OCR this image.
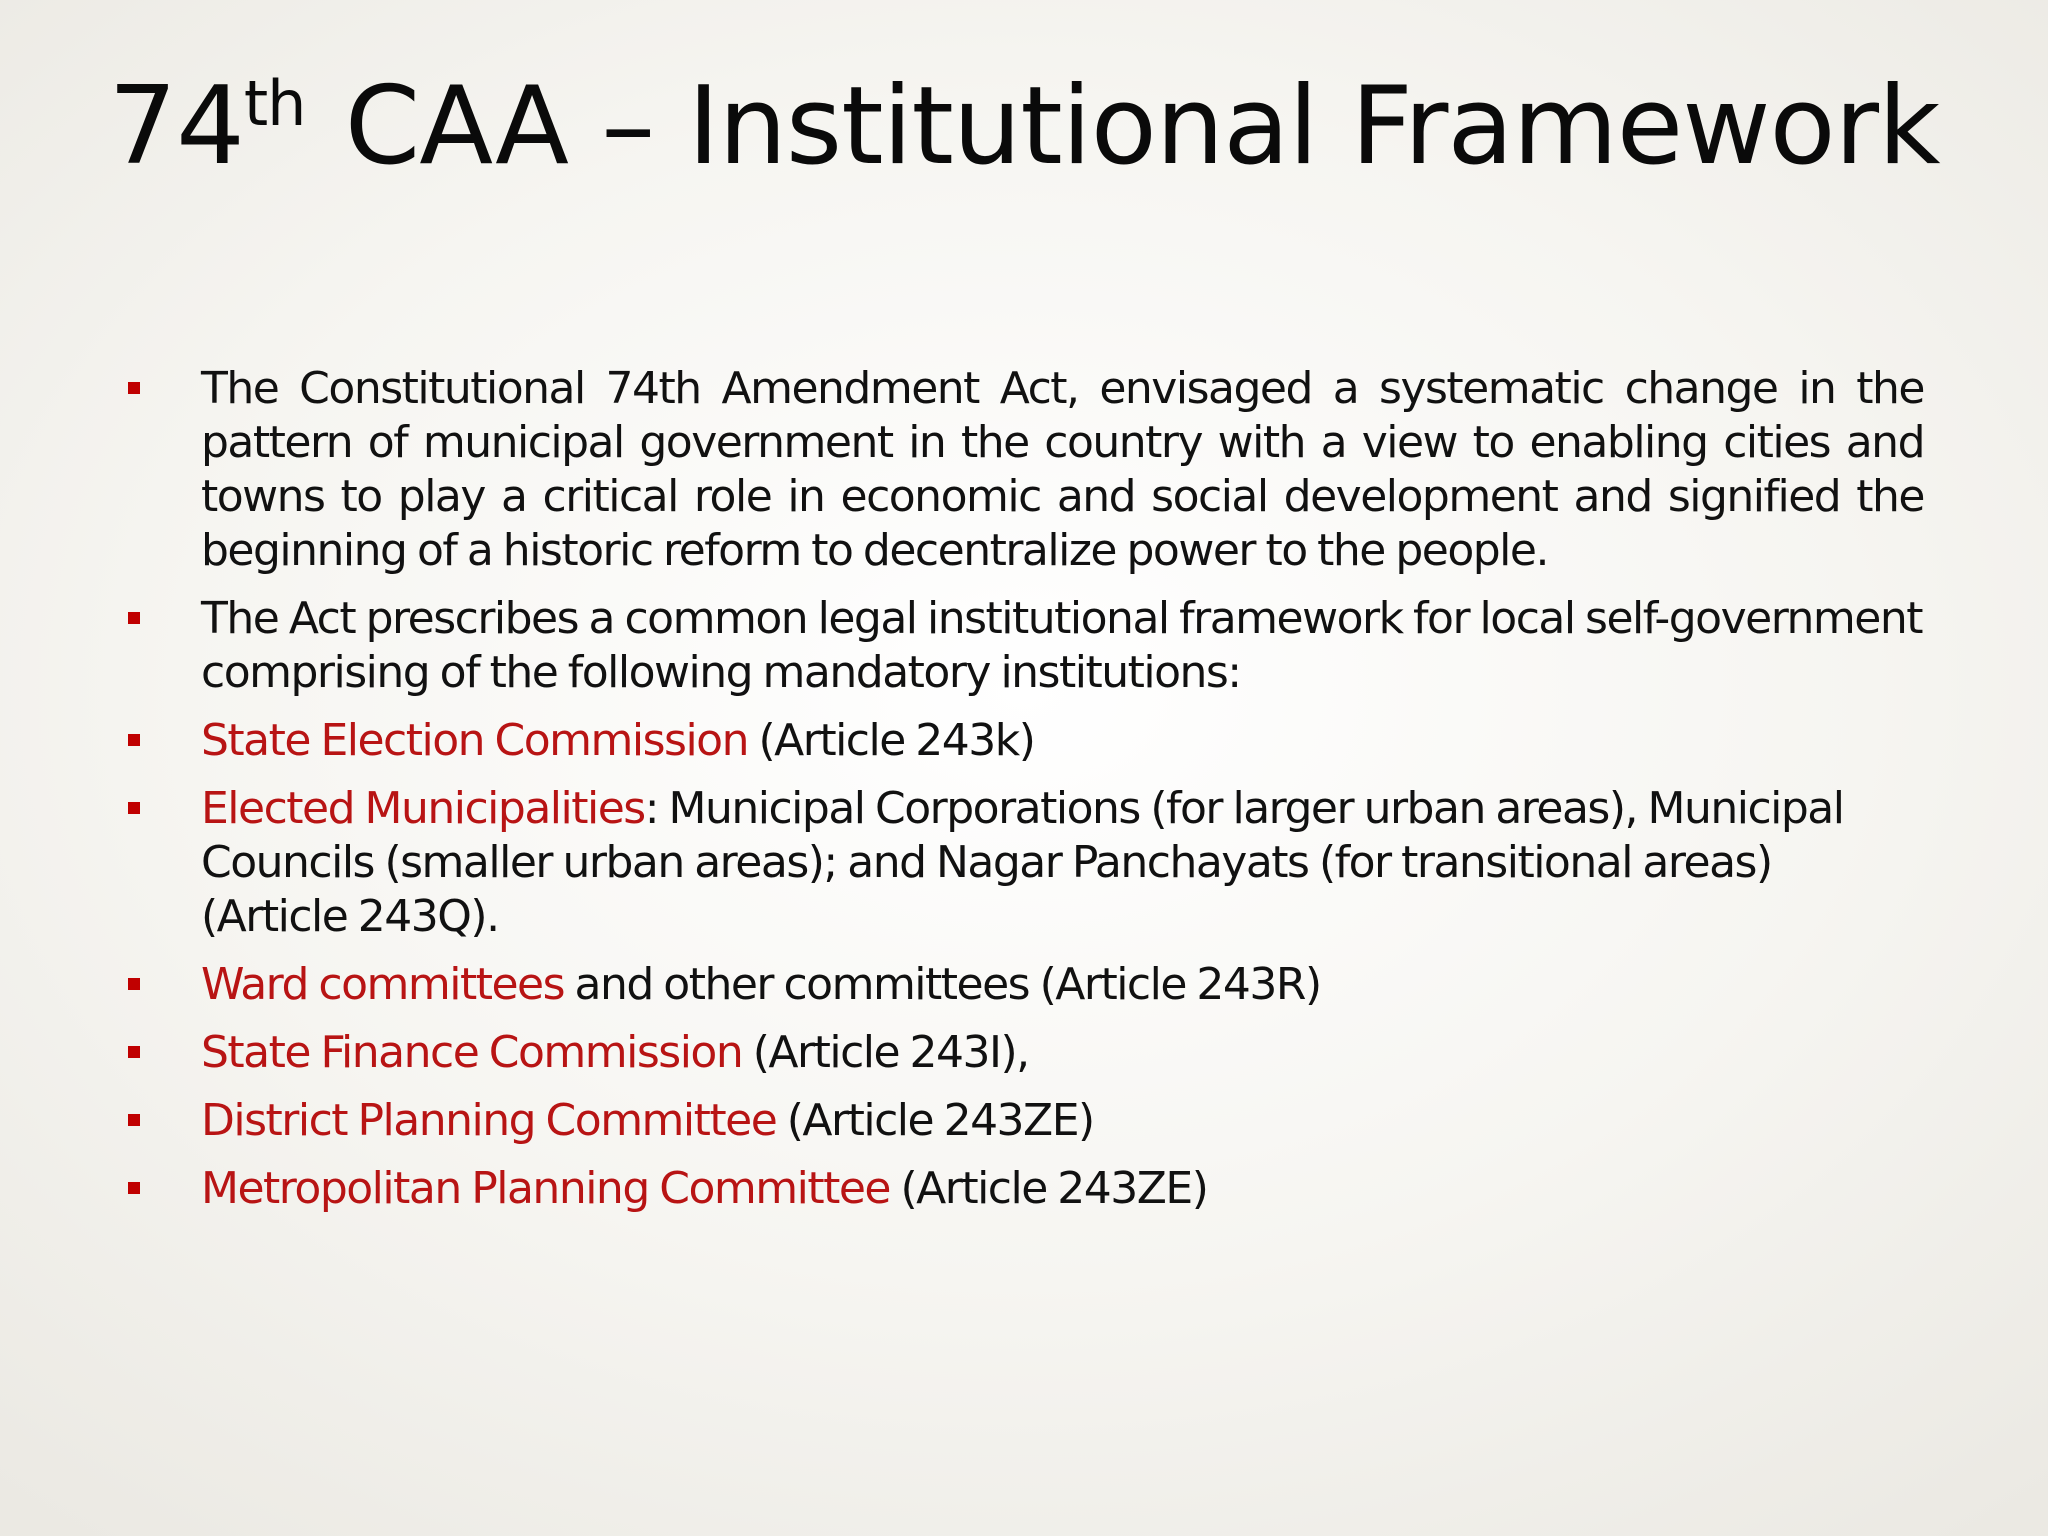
74th CAA – Institutional Framework
The Constitutional 74th Amendment Act, envisaged a systematic change in the pattern of municipal government in the country with a view to enabling cities and towns to play a critical role in economic and social development and signified the beginning of a historic reform to decentralize power to the people.
The Act prescribes a common legal institutional framework for local self-government comprising of the following mandatory institutions:
State Election Commission (Article 243k)
Elected Municipalities: Municipal Corporations (for larger urban areas), Municipal Councils (smaller urban areas); and Nagar Panchayats (for transitional areas) (Article 243Q).
Ward committees and other committees (Article 243R)
State Finance Commission (Article 243I),
District Planning Committee (Article 243ZE)
Metropolitan Planning Committee (Article 243ZE)
